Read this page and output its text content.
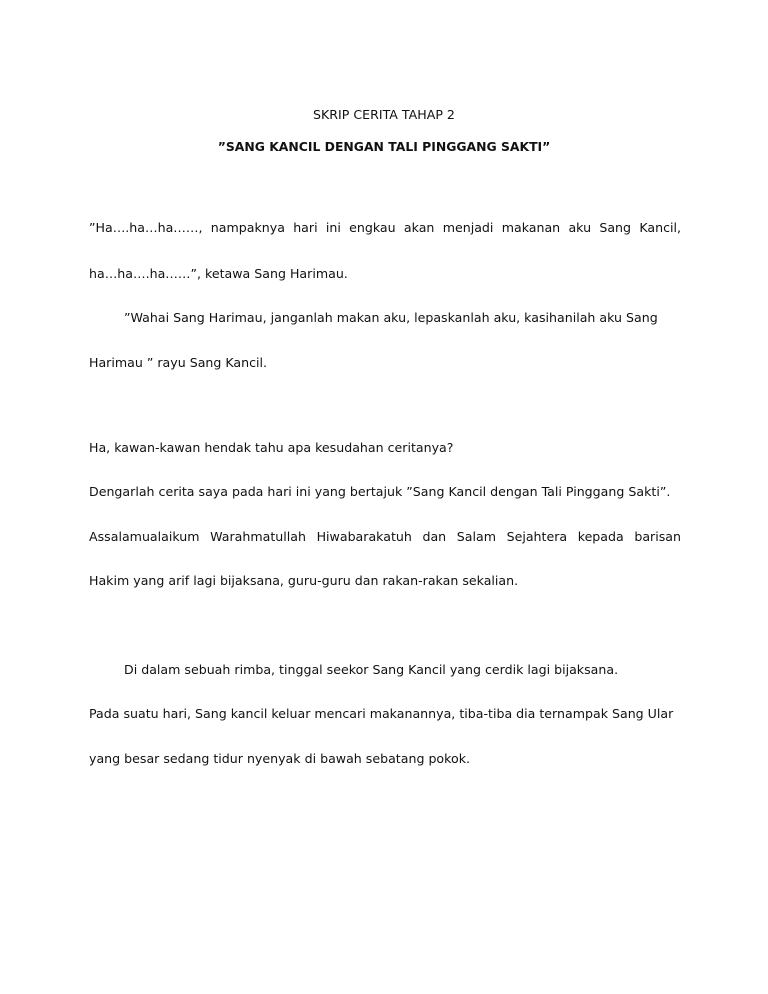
SKRIP CERITA TAHAP 2
”SANG KANCIL DENGAN TALI PINGGANG SAKTI”
”Ha….ha…ha……, nampaknya hari ini engkau akan menjadi makanan aku Sang Kancil,
ha…ha….ha……”, ketawa Sang Harimau.
”Wahai Sang Harimau, janganlah makan aku, lepaskanlah aku, kasihanilah aku Sang
Harimau ” rayu Sang Kancil.
Ha, kawan-kawan hendak tahu apa kesudahan ceritanya?
Dengarlah cerita saya pada hari ini yang bertajuk ”Sang Kancil dengan Tali Pinggang Sakti”.
Assalamualaikum Warahmatullah Hiwabarakatuh dan Salam Sejahtera kepada barisan
Hakim yang arif lagi bijaksana, guru-guru dan rakan-rakan sekalian.
Di dalam sebuah rimba, tinggal seekor Sang Kancil yang cerdik lagi bijaksana.
Pada suatu hari, Sang kancil keluar mencari makanannya, tiba-tiba dia ternampak Sang Ular
yang besar sedang tidur nyenyak di bawah sebatang pokok.
